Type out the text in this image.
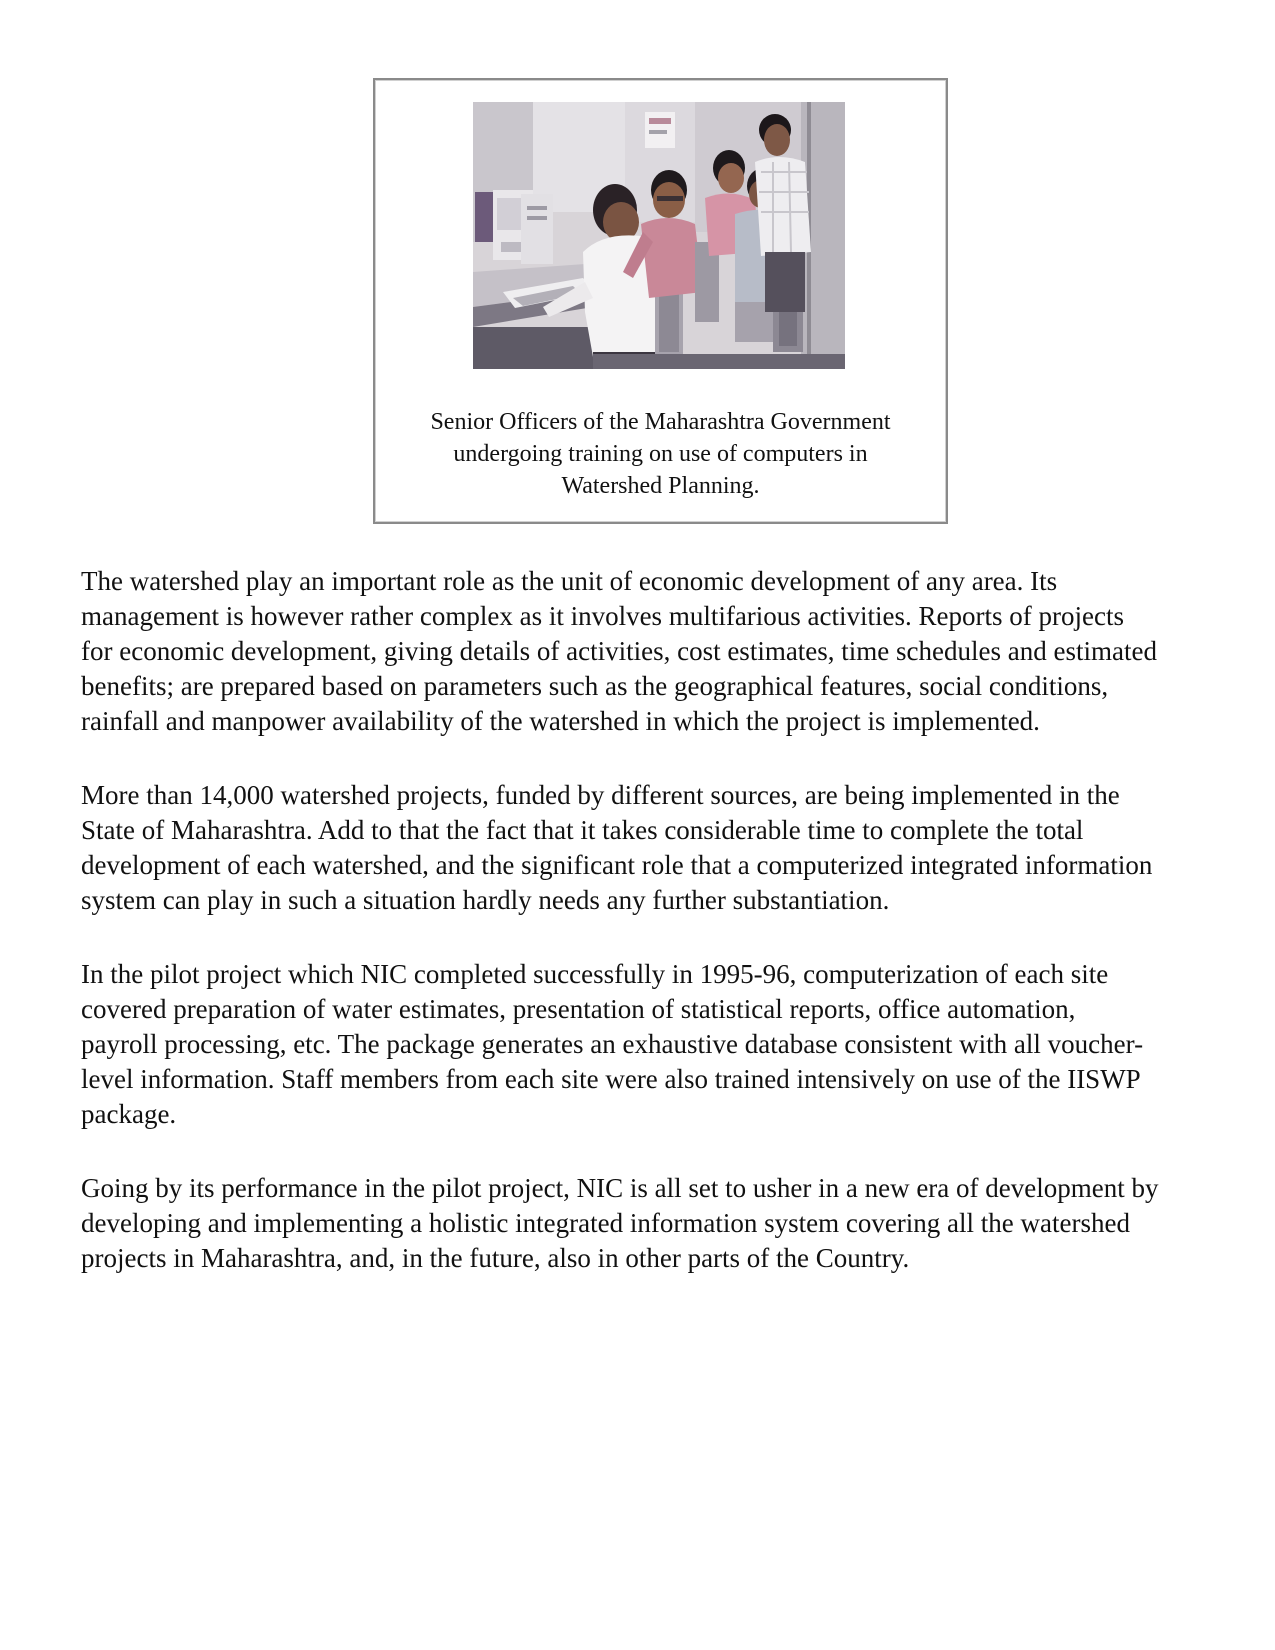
Senior Officers of the Maharashtra Government
undergoing training on use of computers in
Watershed Planning.
The watershed play an important role as the unit of economic development of any area. Its
management is however rather complex as it involves multifarious activities. Reports of projects
for economic development, giving details of activities, cost estimates, time schedules and estimated
benefits; are prepared based on parameters such as the geographical features, social conditions,
rainfall and manpower availability of the watershed in which the project is implemented.
More than 14,000 watershed projects, funded by different sources, are being implemented in the
State of Maharashtra. Add to that the fact that it takes considerable time to complete the total
development of each watershed, and the significant role that a computerized integrated information
system can play in such a situation hardly needs any further substantiation.
In the pilot project which NIC completed successfully in 1995-96, computerization of each site
covered preparation of water estimates, presentation of statistical reports, office automation,
payroll processing, etc. The package generates an exhaustive database consistent with all voucher-
level information. Staff members from each site were also trained intensively on use of the IISWP
package.
Going by its performance in the pilot project, NIC is all set to usher in a new era of development by
developing and implementing a holistic integrated information system covering all the watershed
projects in Maharashtra, and, in the future, also in other parts of the Country.
